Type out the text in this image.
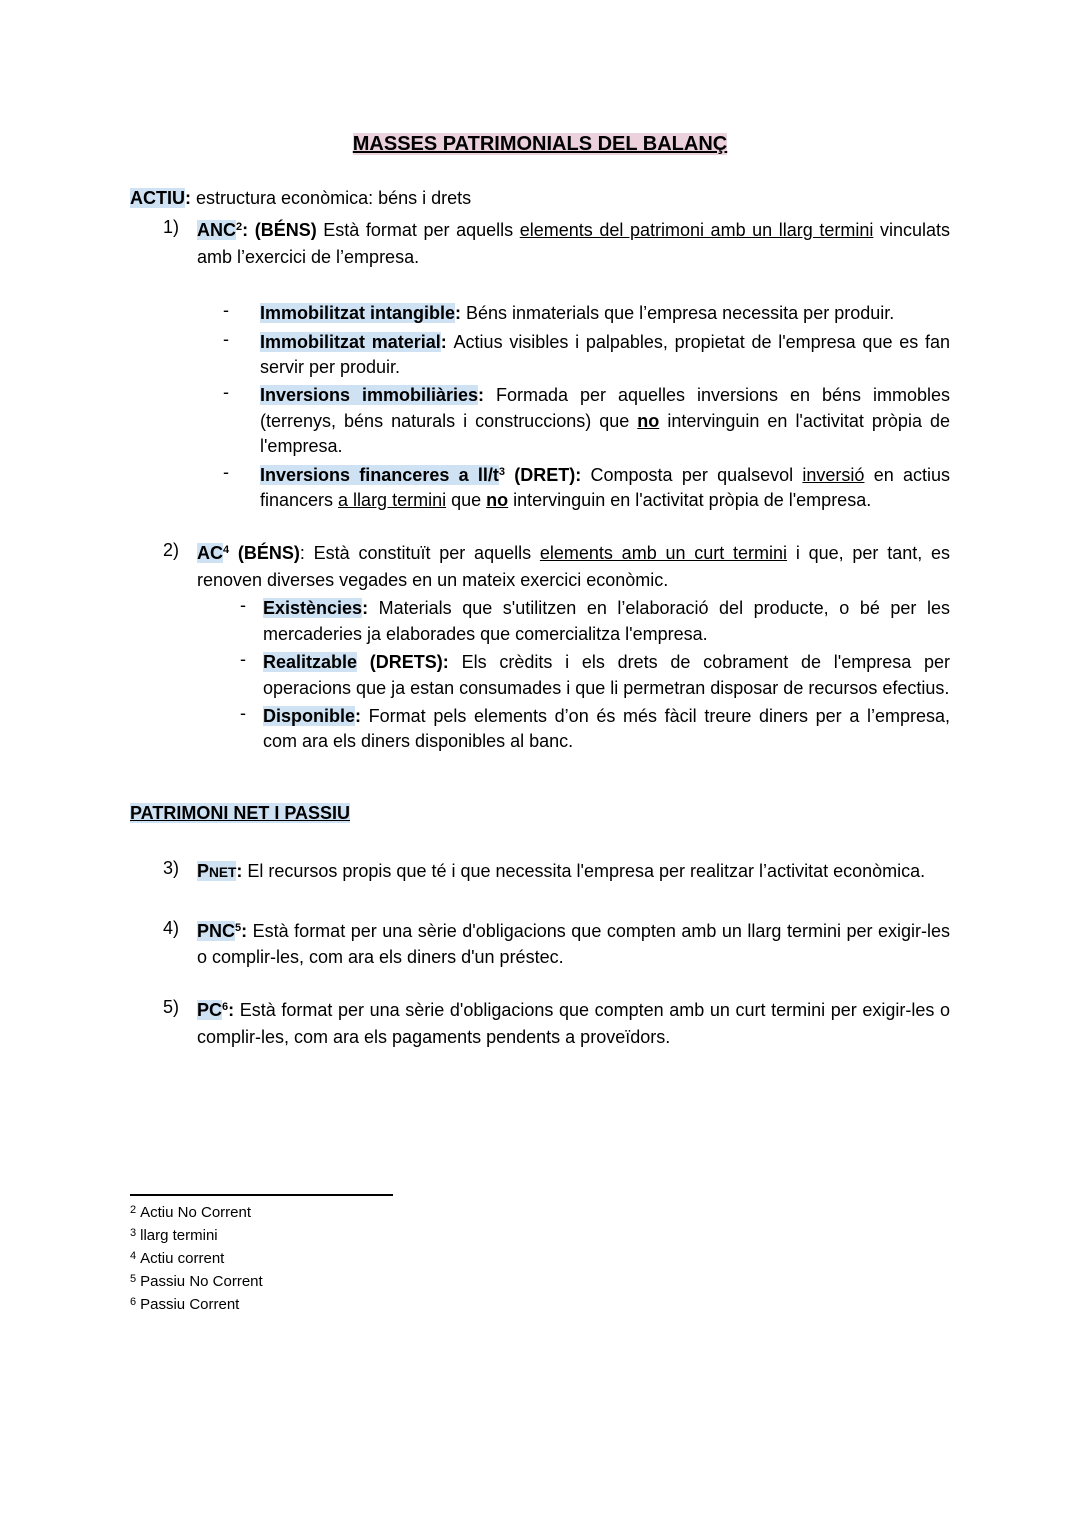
MASSES PATRIMONIALS DEL BALANÇ
ACTIU: estructura econòmica: béns i drets
1) ANC$^2$: (BÉNS) Està format per aquells elements del patrimoni amb un llarg termini vinculats amb l’exercici de l’empresa.
-	Immobilitzat intangible: Béns inmaterials que l’empresa necessita per produir.
-	Immobilitzat material: Actius visibles i palpables, propietat de l'empresa que es fan servir per produir.
-	Inversions immobiliàries: Formada per aquelles inversions en béns immobles (terrenys, béns naturals i construccions) que no intervinguin en l'activitat pròpia de l'empresa.
-	Inversions financeres a $ll/t^3$ (DRET): Composta per qualsevol inversió en actius financers a llarg termini que no intervinguin en l'activitat pròpia de l'empresa.
2) $AC^4$ (BÉNS): Està constituït per aquells elements amb un curt termini i que, per tant, es renoven diverses vegades en un mateix exercici econòmic.
- Existències: Materials que s'utilitzen en l’elaboració del producte, o bé per les mercaderies ja elaborades que comercialitza l'empresa.
- Realitzable (DRETS): Els crèdits i els drets de cobrament de l'empresa per operacions que ja estan consumades i que li permetran disposar de recursos efectius.
- Disponible: Format pels elements d’on és més fàcil treure diners per a l’empresa, com ara els diners disponibles al banc.
PATRIMONI NET I PASSIU
3) PNET: El recursos propis que té i que necessita l'empresa per realitzar l’activitat econòmica.
4) PNC$^5$: Està format per una sèrie d'obligacions que compten amb un llarg termini per exigir-les o complir-les, com ara els diners d'un préstec.
5) $PC^6$: Està format per una sèrie d'obligacions que compten amb un curt termini per exigir-les o complir-les, com ara els pagaments pendents a proveïdors.
$^2$ Actiu No Corrent
$^3$ llarg termini
$^4$ Actiu corrent
$^5$ Passiu No Corrent
$^6$ Passiu Corrent
